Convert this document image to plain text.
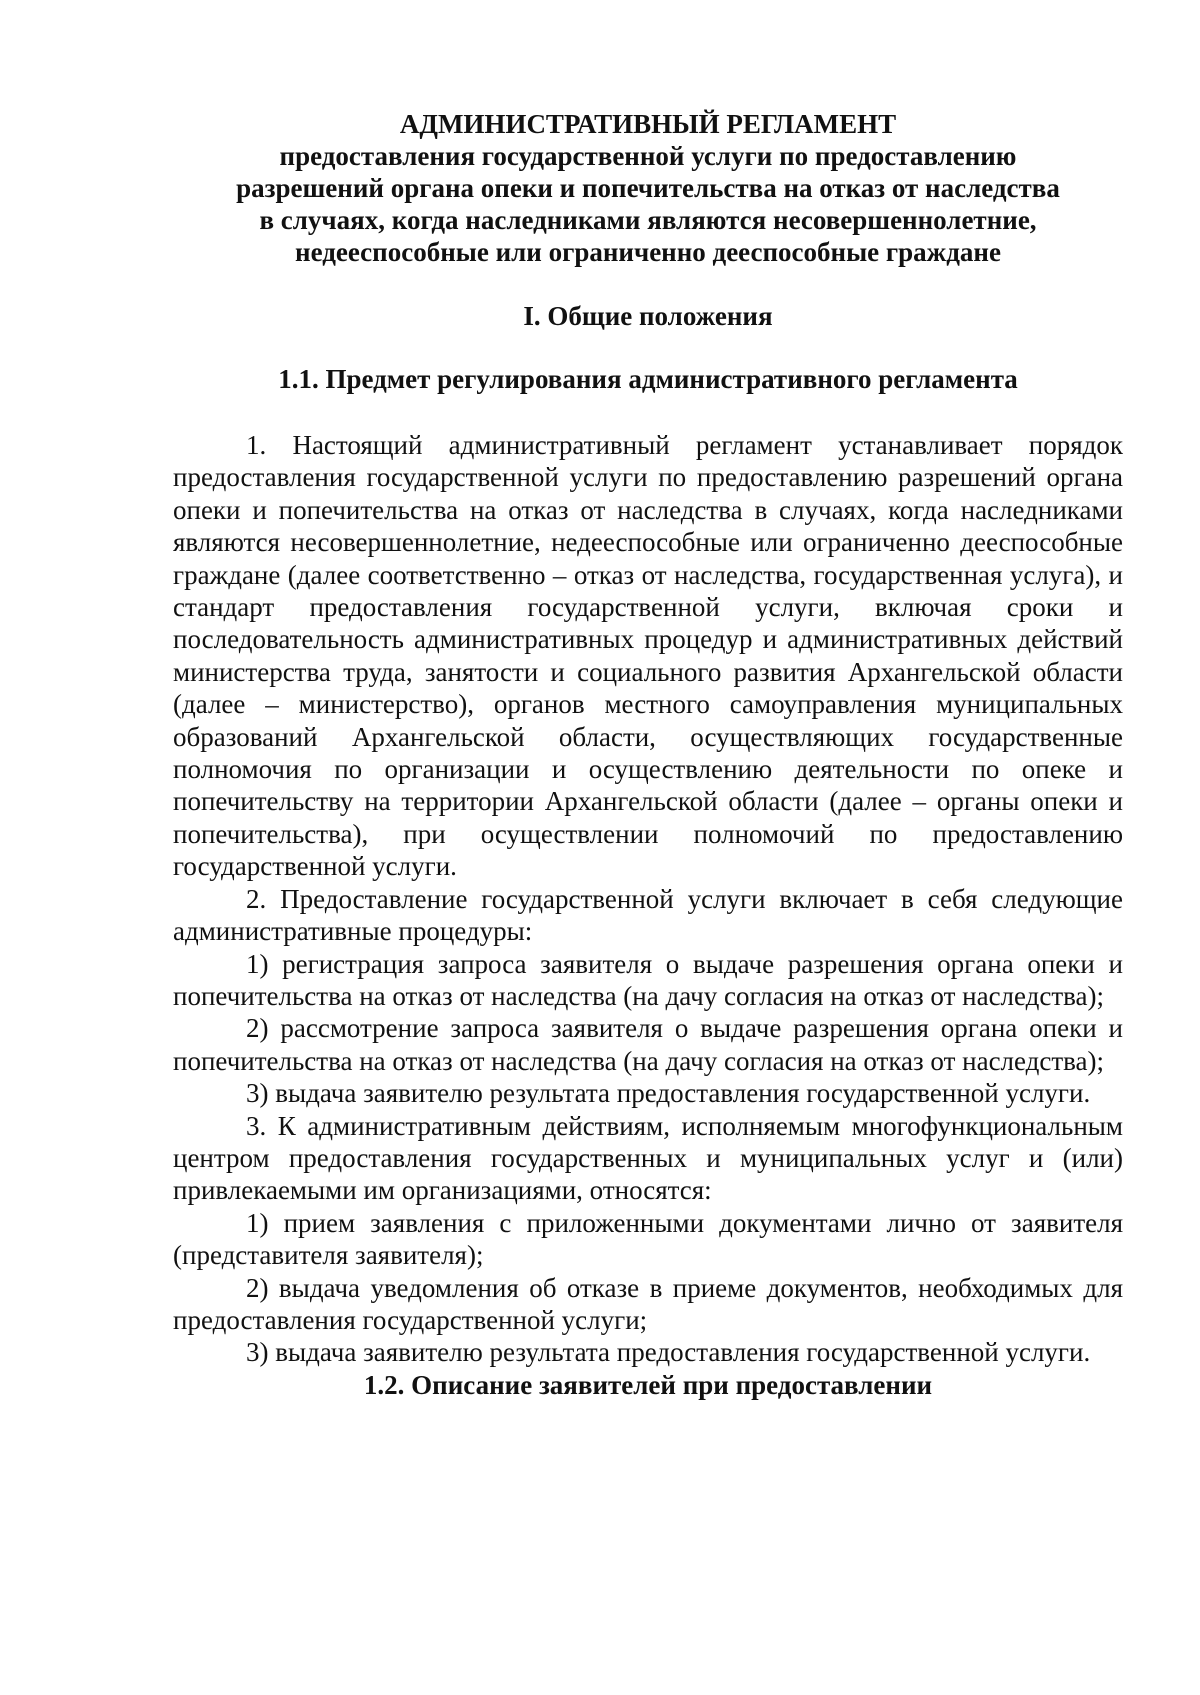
АДМИНИСТРАТИВНЫЙ РЕГЛАМЕНТ
предоставления государственной услуги по предоставлению
разрешений органа опеки и попечительства на отказ от наследства
в случаях, когда наследниками являются несовершеннолетние,
недееспособные или ограниченно дееспособные граждане
I. Общие положения
1.1. Предмет регулирования административного регламента

1. Настоящий административный регламент устанавливает порядок предоставления государственной услуги по предоставлению разрешений органа опеки и попечительства на отказ от наследства в случаях, когда наследниками являются несовершеннолетние, недееспособные или ограниченно дееспособные граждане (далее соответственно – отказ от наследства, государственная услуга), и стандарт предоставления государственной услуги, включая сроки и последовательность административных процедур и административных действий министерства труда, занятости и социального развития Архангельской области (далее – министерство), органов местного самоуправления муниципальных образований Архангельской области, осуществляющих государственные полномочия по организации и осуществлению деятельности по опеке и попечительству на территории Архангельской области (далее – органы опеки и попечительства), при осуществлении полномочий по предоставлению государственной услуги.

2. Предоставление государственной услуги включает в себя следующие административные процедуры:

1) регистрация запроса заявителя о выдаче разрешения органа опеки и попечительства на отказ от наследства (на дачу согласия на отказ от наследства);

2) рассмотрение запроса заявителя о выдаче разрешения органа опеки и попечительства на отказ от наследства (на дачу согласия на отказ от наследства);

3) выдача заявителю результата предоставления государственной услуги.

3. К административным действиям, исполняемым многофункциональным центром предоставления государственных и муниципальных услуг и (или) привлекаемыми им организациями, относятся:

1) прием заявления с приложенными документами лично от заявителя (представителя заявителя);

2) выдача уведомления об отказе в приеме документов, необходимых для предоставления государственной услуги;

3) выдача заявителю результата предоставления государственной услуги.

1.2. Описание заявителей при предоставлении
